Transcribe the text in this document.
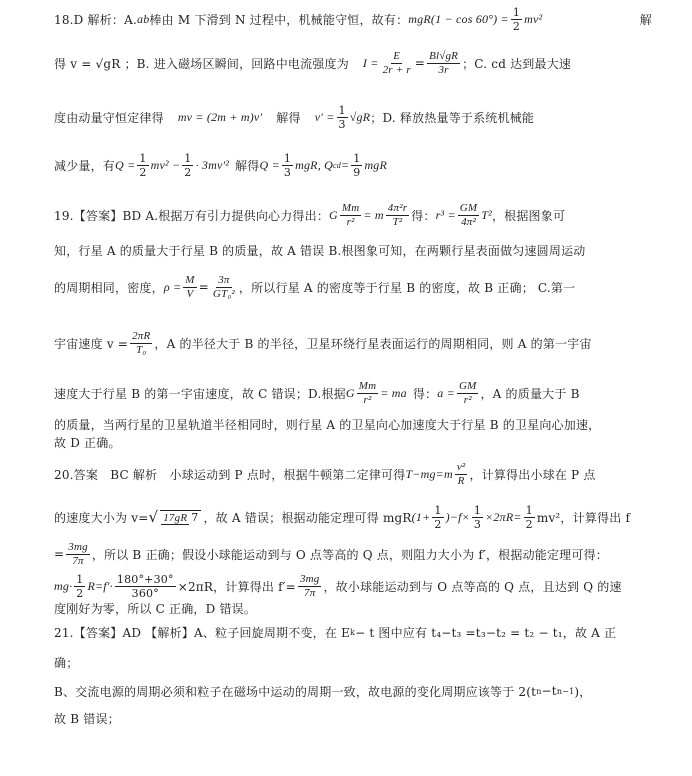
18.D 解析：A. ab 棒由 M 下滑到 N 过程中，机械能守恒，故有： $mgR(1 - \cos 60^\circ) = \frac{1}{2} mv^2$	解
得 v = √gR ；B. 进入磁场区瞬间，回路中电流强度为 $I = \frac{E}{2r + r} = \frac{Bl√gR}{3r}$ ；C. cd 达到最大速
度由动量守恒定律得 mv = (2m + m)v′ 解得 $v' = \frac{1}{3} √gR$ ；D. 释放热量等于系统机械能
减少量，有 $Q = \frac{1}{2} mv^2 - \frac{1}{2} \cdot 3mv'^2$ 解得 $Q = \frac{1}{3}$ mgR, Q cd = $\frac{1}{9}$ mgR
19.【答案】BD A.根据万有引力提供向心力得出： G $\frac{Mm}{\text{r²}} = m \frac{\text{4π²r}}{\text{T²}}$ 得： $r^3 = \frac{GM}{\text{4π²}} T^2$ ，根据图象可
知，行星 A 的质量大于行星 B 的质量，故 A 错误 B.根图象可知，在两颗行星表面做匀速圆周运动
的周期相同，密度， $\rho = \frac{M}{V} = \frac{3\pi}{\text{GT₀²}}$ ，所以行星 A 的密度等于行星 B 的密度，故 B 正确； C.第一
宇宙速度 $v = \frac{2\pi R}{\text{T₀}}$ ，A 的半径大于 B 的半径，卫星环绕行星表面运行的周期相同，则 A 的第一宇宙
速度大于行星 B 的第一宇宙速度，故 C 错误；D.根据 G $\frac{Mm}{\text{r²}}$ = ma 得： $a = \frac{GM}{\text{r²}}$ ，A 的质量大于 B
的质量，当两行星的卫星轨道半径相同时，则行星 A 的卫星向心加速度大于行星 B 的卫星向心加速，
故 D 正确。
20.答案　BC 解析　小球运动到 P 点时，根据牛顿第二定律可得 $T-mg=m \frac{\text{v²}}{R}$ ，计算得出小球在 P 点
的速度大小为 v= √ 17gR 7 ，故 A 错误；根据动能定理可得 mgR $(1+ \frac{1}{2} )-f\times \frac{1}{3} \times 2\pi R= \frac{1}{2} mv^2$，计算得出 f
= $\frac{3mg}{7\pi}$ ，所以 B 正确；假设小球能运动到与 O 点等高的 Q 点，则阻力大小为 f′，根据动能定理可得：
$mg\cdot \frac{1}{2} R=f'\cdot \frac{180^\circ+30^\circ}{360^\circ} \times 2\pi R$，计算得出 $f'= \frac{3mg}{7\pi}$ ，故小球能运动到与 O 点等高的 Q 点，且达到 Q 的速
度刚好为零，所以 C 正确，D 错误。
21.【答案】AD 【解析】A、粒子回旋周期不变，在 E k − t 图中应有 t₄−t₃ =t₃−t₂ = t₂ − t₁，故 A 正
确；
B、交流电源的周期必须和粒子在磁场中运动的周期一致，故电源的变化周期应该等于 2(t n −t n−1 )，
故 B 错误；
